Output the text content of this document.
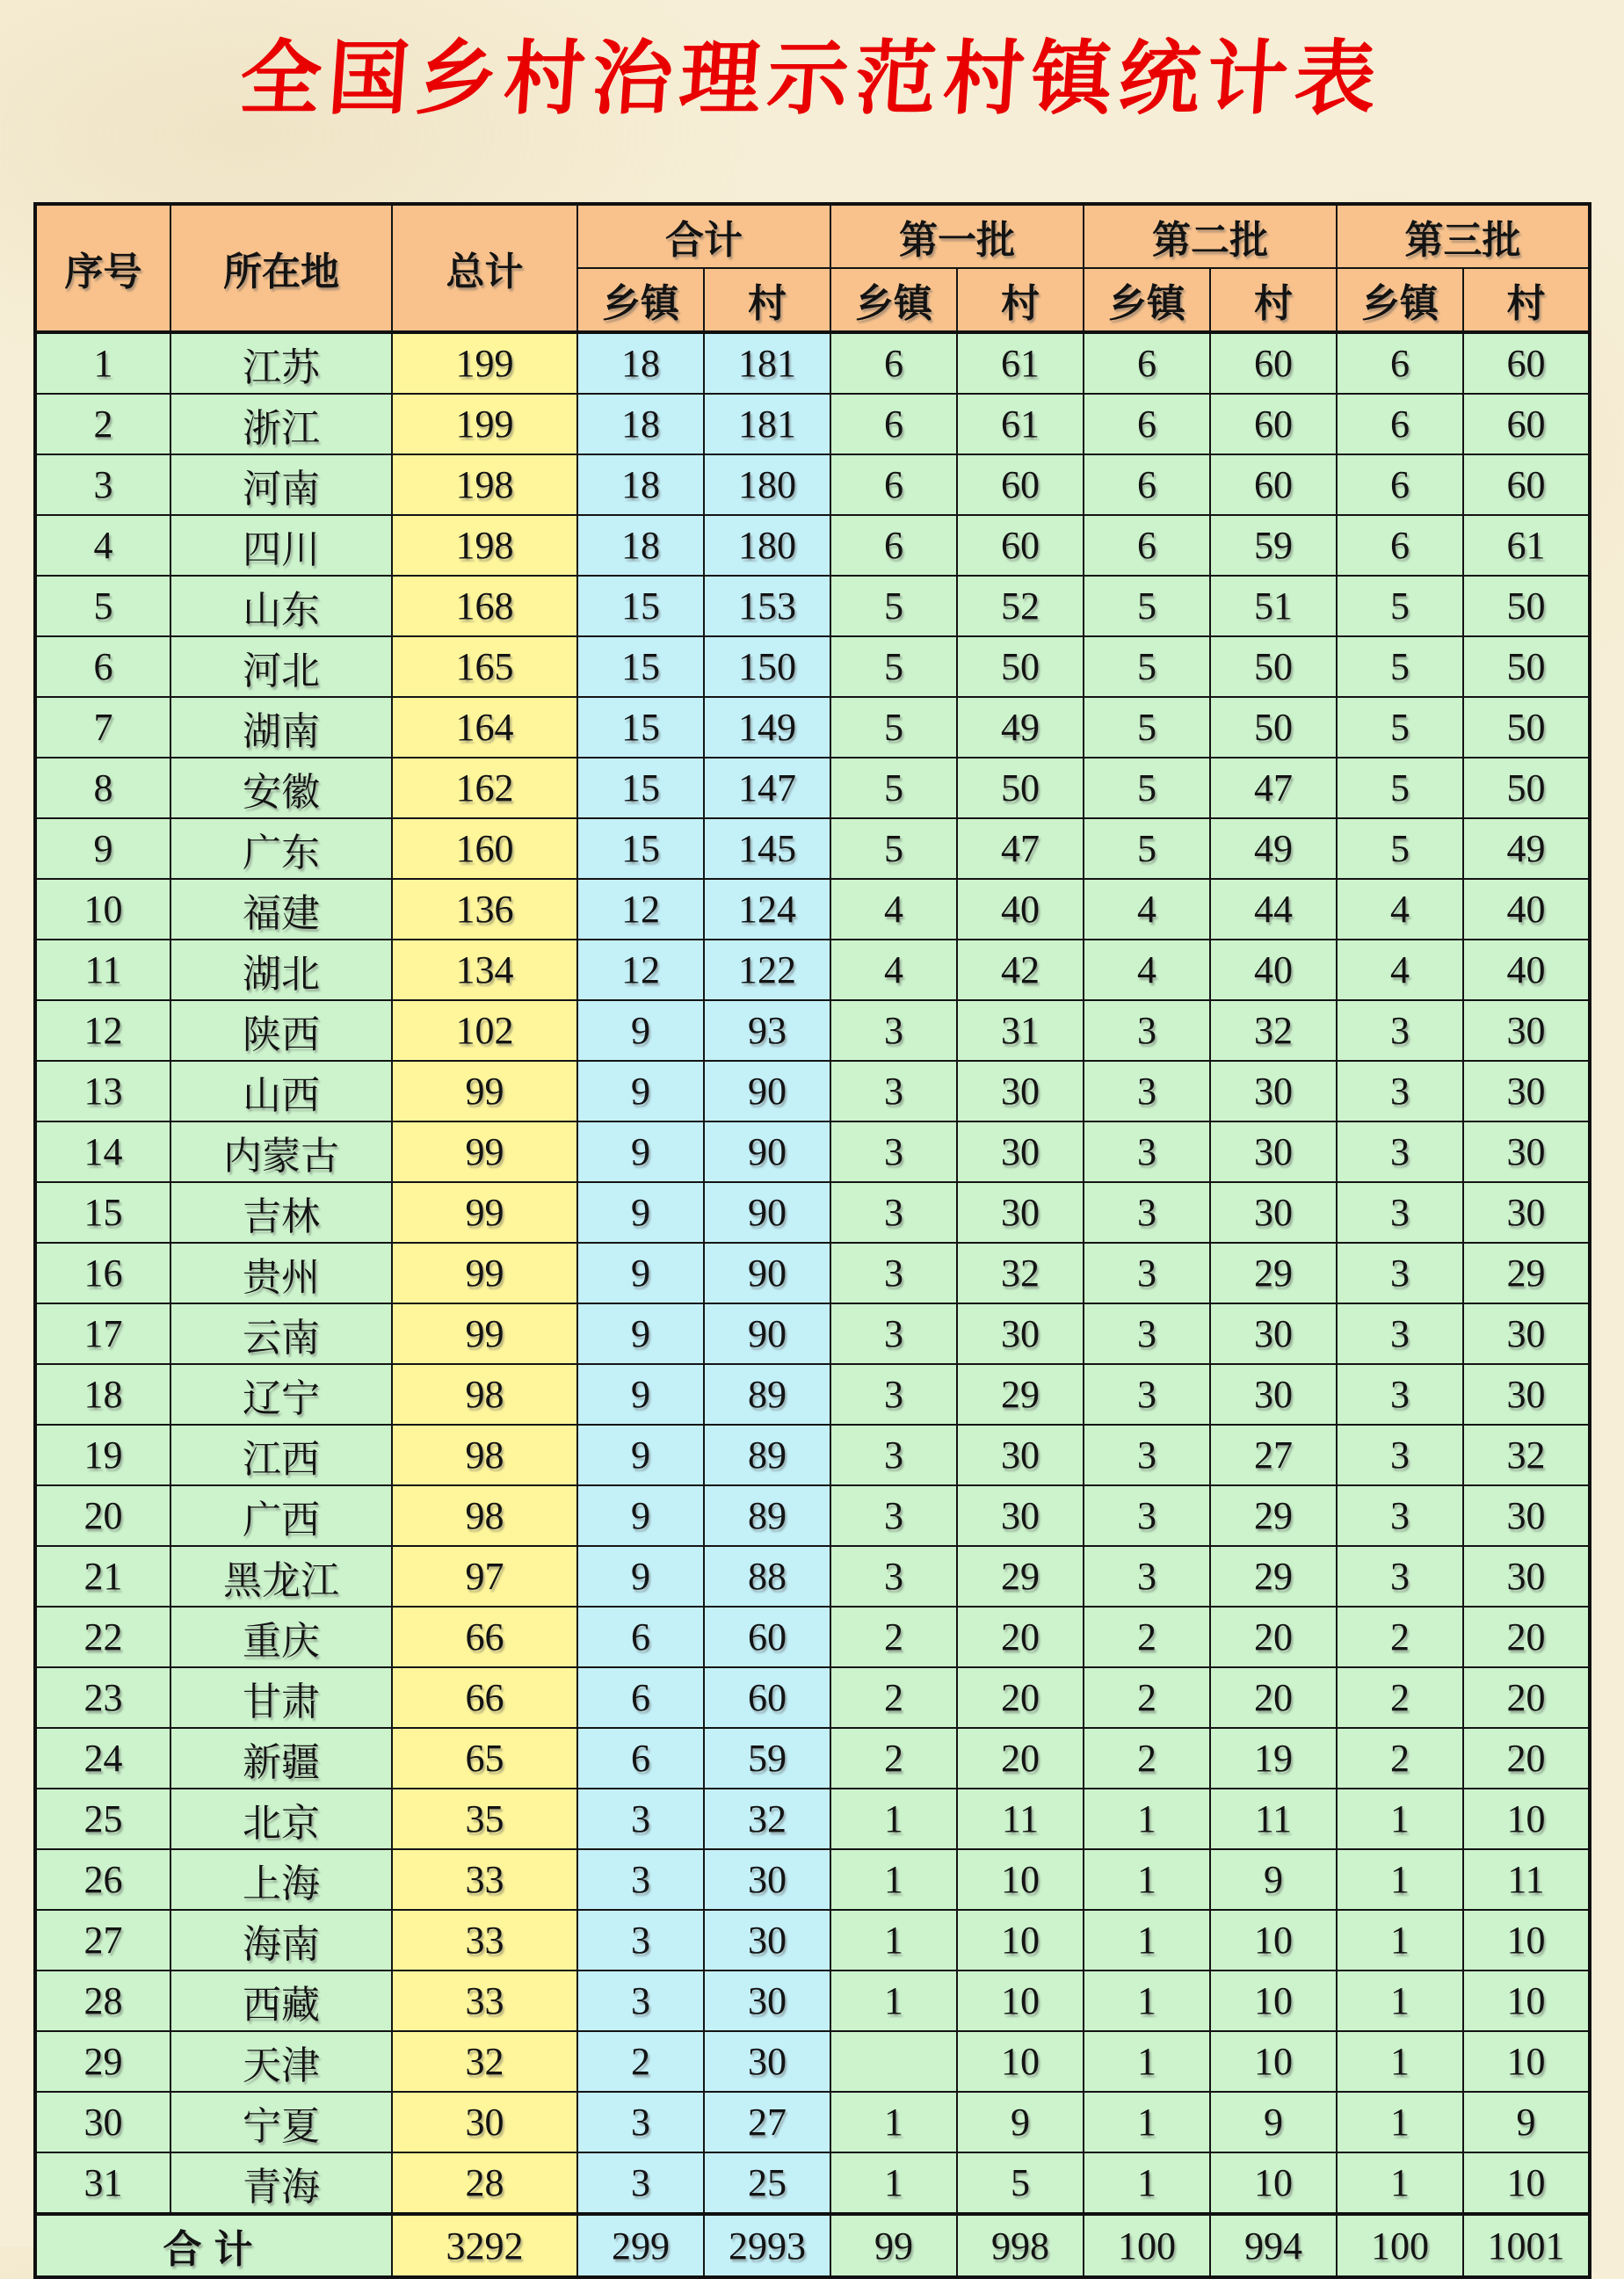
全国乡村治理示范村镇统计表
序号	所在地	总计	合计		第一批		第二批		第三批	
			乡镇	村	乡镇	村	乡镇	村	乡镇	村
1	江苏	199	18	181	6	61	6	60	6	60
2	浙江	199	18	181	6	61	6	60	6	60
3	河南	198	18	180	6	60	6	60	6	60
4	四川	198	18	180	6	60	6	59	6	61
5	山东	168	15	153	5	52	5	51	5	50
6	河北	165	15	150	5	50	5	50	5	50
7	湖南	164	15	149	5	49	5	50	5	50
8	安徽	162	15	147	5	50	5	47	5	50
9	广东	160	15	145	5	47	5	49	5	49
10	福建	136	12	124	4	40	4	44	4	40
11	湖北	134	12	122	4	42	4	40	4	40
12	陕西	102	9	93	3	31	3	32	3	30
13	山西	99	9	90	3	30	3	30	3	30
14	内蒙古	99	9	90	3	30	3	30	3	30
15	吉林	99	9	90	3	30	3	30	3	30
16	贵州	99	9	90	3	32	3	29	3	29
17	云南	99	9	90	3	30	3	30	3	30
18	辽宁	98	9	89	3	29	3	30	3	30
19	江西	98	9	89	3	30	3	27	3	32
20	广西	98	9	89	3	30	3	29	3	30
21	黑龙江	97	9	88	3	29	3	29	3	30
22	重庆	66	6	60	2	20	2	20	2	20
23	甘肃	66	6	60	2	20	2	20	2	20
24	新疆	65	6	59	2	20	2	19	2	20
25	北京	35	3	32	1	11	1	11	1	10
26	上海	33	3	30	1	10	1	9	1	11
27	海南	33	3	30	1	10	1	10	1	10
28	西藏	33	3	30	1	10	1	10	1	10
29	天津	32	2	30		10	1	10	1	10
30	宁夏	30	3	27	1	9	1	9	1	9
31	青海	28	3	25	1	5	1	10	1	10
合计		3292	299	2993	99	998	100	994	100	1001
